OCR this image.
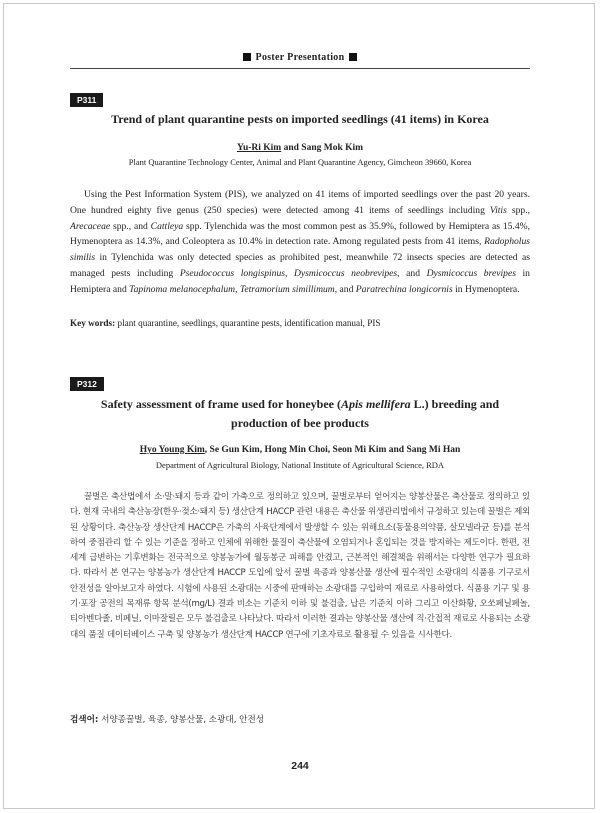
Poster Presentation
P311
Trend of plant quarantine pests on imported seedlings (41 items) in Korea
Yu-Ri Kim and Sang Mok Kim
Plant Quarantine Technology Center, Animal and Plant Quarantine Agency, Gimcheon 39660, Korea

Using the Pest Information System (PIS), we analyzed on 41 items of imported seedlings over the past 20 years. One hundred eighty five genus (250 species) were detected among 41 items of seedlings including Vitis spp., Arecaceae spp., and Cattleya spp. Tylenchida was the most common pest as 35.9%, followed by Hemiptera as 15.4%, Hymenoptera as 14.3%, and Coleoptera as 10.4% in detection rate. Among regulated pests from 41 items, Radopholus similis in Tylenchida was only detected species as prohibited pest, meanwhile 72 insects species are detected as managed pests including Pseudococcus longispinus, Dysmicoccus neobrevipes, and Dysmicoccus brevipes in Hemiptera and Tapinoma melanocephalum, Tetramorium simillimum, and Paratrechina longicornis in Hymenoptera.

Key words: plant quarantine, seedlings, quarantine pests, identification manual, PIS
P312
Safety assessment of frame used for honeybee (Apis mellifera L.) breeding and
production of bee products
Hyo Young Kim, Se Gun Kim, Hong Min Choi, Seon Mi Kim and Sang Mi Han
Department of Agricultural Biology, National Institute of Agricultural Science, RDA

꿀벌은 축산법에서 소·말·돼지 등과 같이 가축으로 정의하고 있으며, 꿀벌로부터 얻어지는 양봉산물은 축산물로 정의하고 있다. 현재 국내의 축산농장(한우·젖소·돼지 등) 생산단계 HACCP 관련 내용은 축산물 위생관리법에서 규정하고 있는데 꿀벌은 제외된 상황이다. 축산농장 생산단계 HACCP은 가축의 사육단계에서 발생할 수 있는 위해요소(동물용의약품, 살모넬라균 등)를 분석하여 중점관리 할 수 있는 기준을 정하고 인체에 위해한 물질이 축산물에 오염되거나 혼입되는 것을 방지하는 제도이다. 한편, 전 세계 급변하는 기후변화는 전국적으로 양봉농가에 월동봉군 피해를 안겼고, 근본적인 해결책을 위해서는 다양한 연구가 필요하다. 따라서 본 연구는 양봉농가 생산단계 HACCP 도입에 앞서 꿀벌 육종과 양봉산물 생산에 필수적인 소광대의 식품용 기구로서 안전성을 알아보고자 하였다. 시험에 사용된 소광대는 시중에 판매하는 소광대를 구입하여 재료로 사용하였다. 식품용 기구 및 용기·포장 공전의 목재류 항목 분석(mg/L) 결과 비소는 기준치 이하 및 불검출, 납은 기준치 이하 그리고 이산화황, 오쏘페닐페놀, 티아벤다졸, 비페닐, 이마잘릴은 모두 불검출로 나타났다. 따라서 이러한 결과는 양봉산물 생산에 직·간접적 재료로 사용되는 소광대의 품질 데이터베이스 구축 및 양봉농가 생산단계 HACCP 연구에 기초자료로 활용될 수 있음을 시사한다.

검색어: 서양종꿀벌, 육종, 양봉산물, 소광대, 안전성
244
